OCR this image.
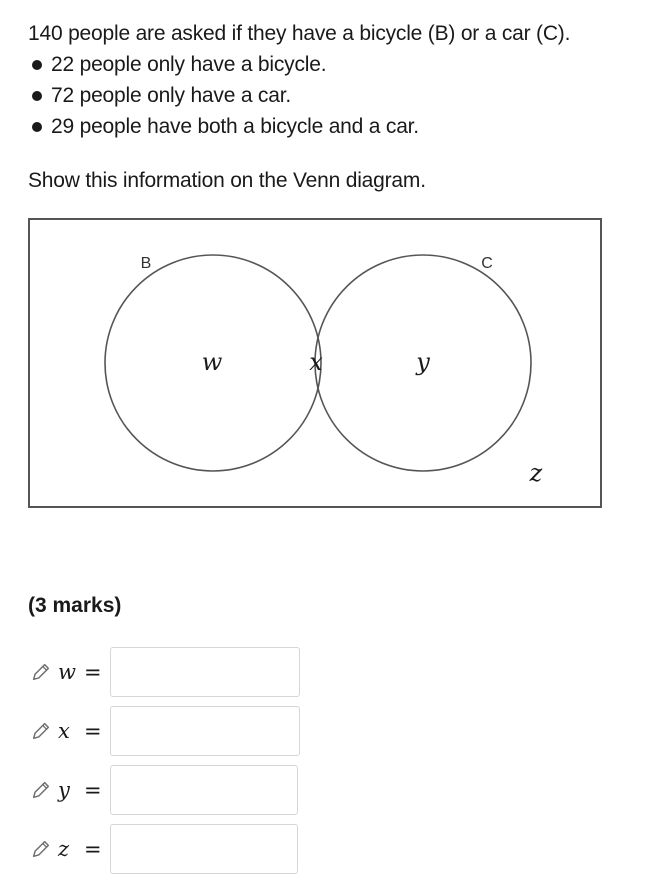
140 people are asked if they have a bicycle (B) or a car (C).
22 people only have a bicycle.
72 people only have a car.
29 people have both a bicycle and a car.
Show this information on the Venn diagram.
B	C
w	x	y
z
(3 marks)
w =
x =
y =
z =
